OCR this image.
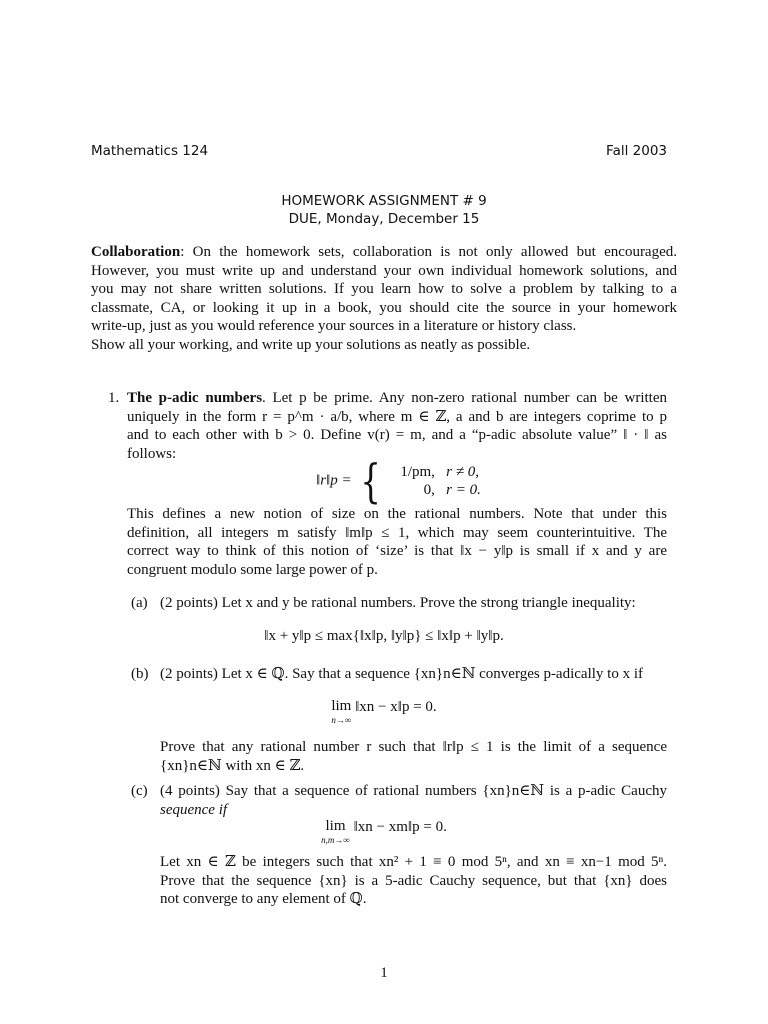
Mathematics 124	Fall 2003
HOMEWORK ASSIGNMENT # 9
DUE, Monday, December 15
Collaboration: On the homework sets, collaboration is not only allowed but encouraged.
However, you must write up and understand your own individual homework solutions, and
you may not share written solutions. If you learn how to solve a problem by talking to a
classmate, CA, or looking it up in a book, you should cite the source in your homework
write-up, just as you would reference your sources in a literature or history class.
Show all your working, and write up your solutions as neatly as possible.
1. The p-adic numbers. Let p be prime. Any non-zero rational number can be written
uniquely in the form r = p^m · a/b, where m ∈ ℤ, a and b are integers coprime to p
and to each other with b > 0. Define v(r) = m, and a “p-adic absolute value” ‖ · ‖ as
follows:
‖r‖p = {	1/pm, r ≠ 0,
0, r = 0.
This defines a new notion of size on the rational numbers. Note that under this
definition, all integers m satisfy ‖m‖p ≤ 1, which may seem counterintuitive. The
correct way to think of this notion of ‘size’ is that ‖x − y‖p is small if x and y are
congruent modulo some large power of p.
(a) (2 points) Let x and y be rational numbers. Prove the strong triangle inequality:
‖x + y‖p ≤ max{‖x‖p, ‖y‖p} ≤ ‖x‖p + ‖y‖p.
(b) (2 points) Let x ∈ ℚ. Say that a sequence {xn}n∈ℕ converges p-adically to x if
lim
n→∞
‖xn − x‖p = 0.
Prove that any rational number r such that ‖r‖p ≤ 1 is the limit of a sequence
{xn}n∈ℕ with xn ∈ ℤ.
(c) (4 points) Say that a sequence of rational numbers {xn}n∈ℕ is a p-adic Cauchy
sequence if
lim
n,m→∞
‖xn − xm‖p = 0.
Let xn ∈ ℤ be integers such that xn² + 1 ≡ 0 mod 5ⁿ, and xn ≡ xn−1 mod 5ⁿ.
Prove that the sequence {xn} is a 5-adic Cauchy sequence, but that {xn} does
not converge to any element of ℚ.
1
